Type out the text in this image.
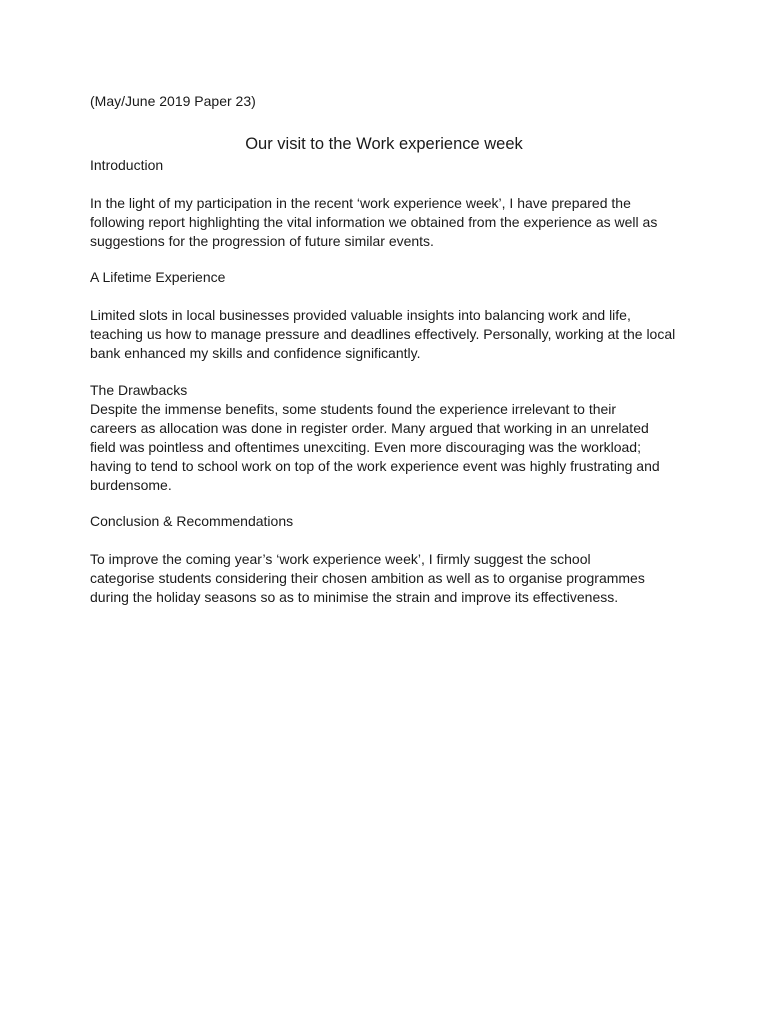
(May/June 2019 Paper 23)

Our visit to the Work experience week

Introduction

In the light of my participation in the recent ‘work experience week’, I have prepared the

following report highlighting the vital information we obtained from the experience as well as

suggestions for the progression of future similar events.

A Lifetime Experience

Limited slots in local businesses provided valuable insights into balancing work and life,

teaching us how to manage pressure and deadlines effectively. Personally, working at the local

bank enhanced my skills and confidence significantly.

The Drawbacks

Despite the immense benefits, some students found the experience irrelevant to their

careers as allocation was done in register order. Many argued that working in an unrelated

field was pointless and oftentimes unexciting. Even more discouraging was the workload;

having to tend to school work on top of the work experience event was highly frustrating and

burdensome.

Conclusion & Recommendations

To improve the coming year’s ‘work experience week’, I firmly suggest the school

categorise students considering their chosen ambition as well as to organise programmes

during the holiday seasons so as to minimise the strain and improve its effectiveness.
